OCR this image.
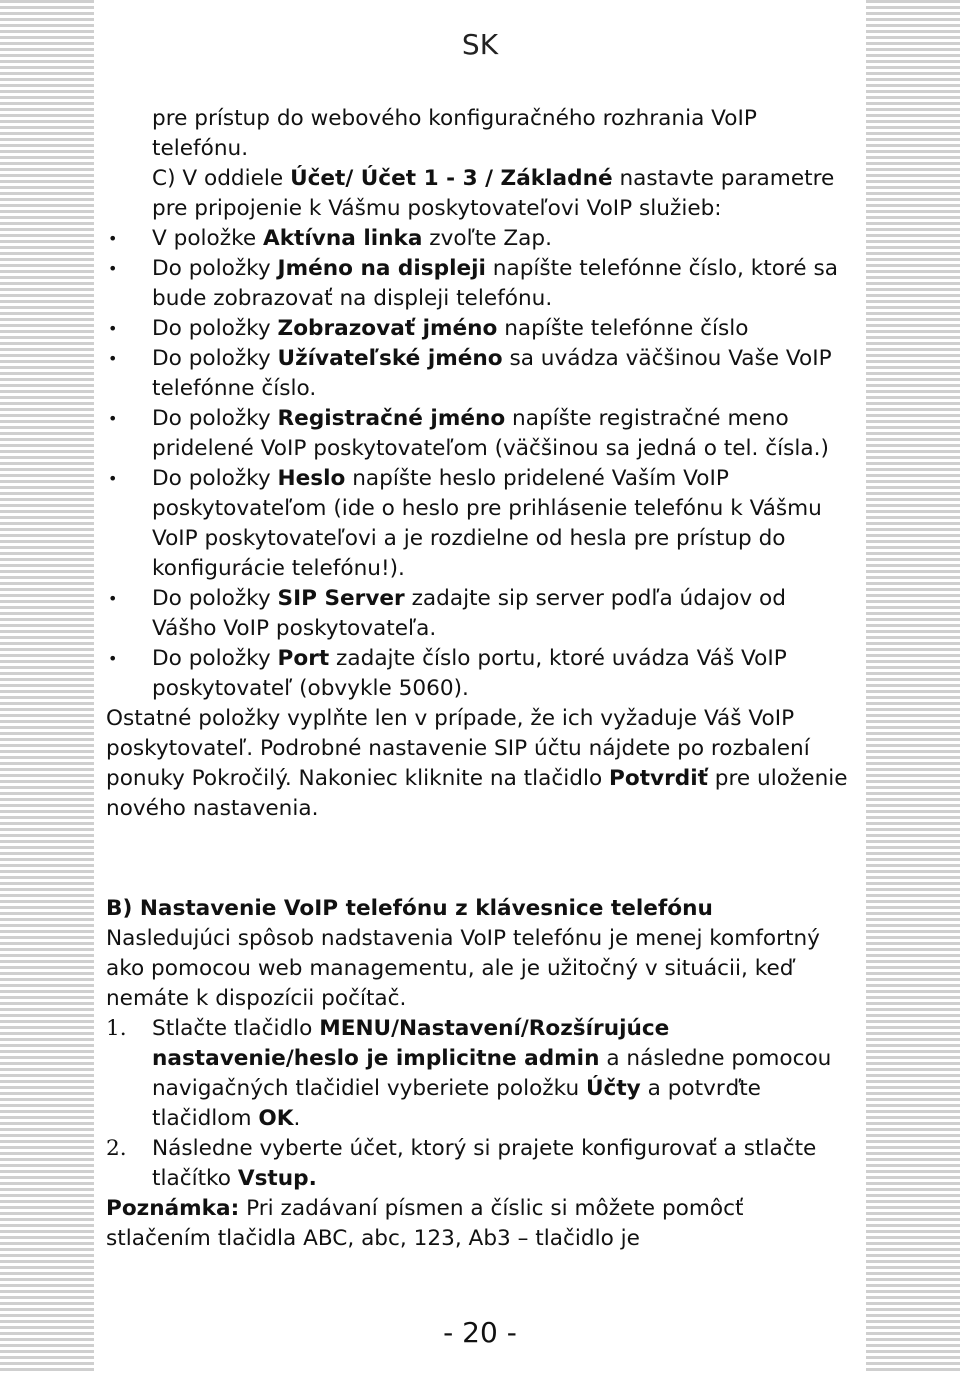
SK

pre prístup do webového konfiguračného rozhrania VoIP telefónu.
C) V oddiele Účet/ Účet 1 - 3 / Základné nastavte parametre pre pripojenie k Vášmu poskytovateľovi VoIP služieb:

• V položke Aktívna linka zvoľte Zap.
• Do položky Jméno na displeji napíšte telefónne číslo, ktoré sa bude zobrazovať na displeji telefónu.
• Do položky Zobrazovať jméno napíšte telefónne číslo
• Do položky Užívateľské jméno sa uvádza väčšinou Vaše VoIP telefónne číslo.
• Do položky Registračné jméno napíšte registračné meno pridelené VoIP poskytovateľom (väčšinou sa jedná o tel. čísla.)
• Do položky Heslo napíšte heslo pridelené Vaším VoIP poskytovateľom (ide o heslo pre prihlásenie telefónu k Vášmu VoIP poskytovateľovi a je rozdielne od hesla pre prístup do konfigurácie telefónu!).
• Do položky SIP Server zadajte sip server podľa údajov od Vášho VoIP poskytovateľa.
• Do položky Port zadajte číslo portu, ktoré uvádza Váš VoIP poskytovateľ (obvykle 5060).

Ostatné položky vyplňte len v prípade, že ich vyžaduje Váš VoIP poskytovateľ. Podrobné nastavenie SIP účtu nájdete po rozbalení ponuky Pokročilý. Nakoniec kliknite na tlačidlo Potvrdiť pre uloženie nového nastavenia.

B) Nastavenie VoIP telefónu z klávesnice telefónu

Nasledujúci spôsob nadstavenia VoIP telefónu je menej komfortný ako pomocou web managementu, ale je užitočný v situácii, keď nemáte k dispozícii počítač.

1. Stlačte tlačidlo MENU/Nastavení/Rozšírujúce nastavenie/heslo je implicitne admin a následne pomocou navigačných tlačidiel vyberiete položku Účty a potvrďte tlačidlom OK.
2. Následne vyberte účet, ktorý si prajete konfigurovať a stlačte tlačítko Vstup.

Poznámka: Pri zadávaní písmen a číslic si môžete pomôcť stlačením tlačidla ABC, abc, 123, Ab3 – tlačidlo je

- 20 -
